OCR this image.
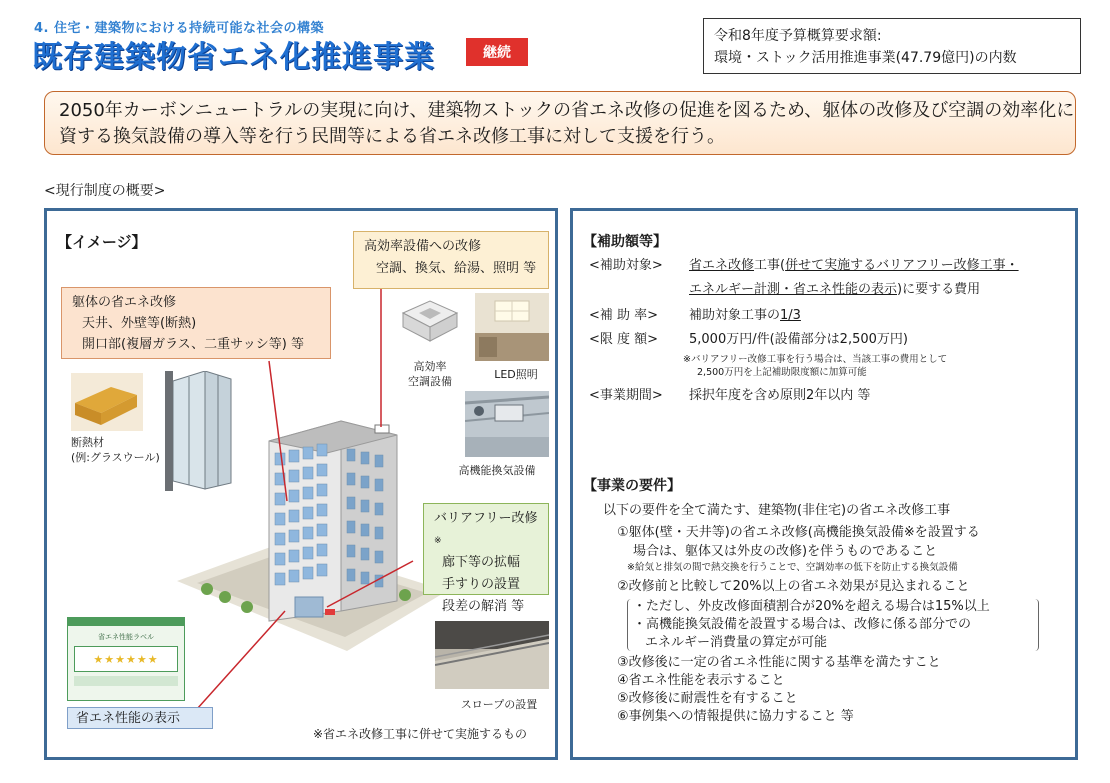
4. 住宅・建築物における持続可能な社会の構築
既存建築物省エネ化推進事業	継続
令和8年度予算概算要求額:
環境・ストック活用推進事業(47.79億円)の内数
2050年カーボンニュートラルの実現に向け、建築物ストックの省エネ改修の促進を図るため、躯体の改修及び空調の効率化に
資する換気設備の導入等を行う民間等による省エネ改修工事に対して支援を行う。
<現行制度の概要>
【イメージ】	高効率設備への改修
空調、換気、給湯、照明 等
躯体の省エネ改修
天井、外壁等(断熱)
開口部(複層ガラス、二重サッシ等) 等
高効率
空調設備
LED照明
高機能換気設備
断熱材
(例:グラスウール)
バリアフリー改修※
廊下等の拡幅
手すりの設置
段差の解消 等
スロープの設置
省エネ性能ラベル
★★★★★★
省エネ性能の表示
※省エネ改修工事に併せて実施するもの
【補助額等】
<補助対象> 省エネ改修工事(併せて実施するバリアフリー改修工事・
エネルギー計測・省エネ性能の表示)に要する費用
<補 助 率> 補助対象工事の1/3
<限 度 額> 5,000万円/件(設備部分は2,500万円)
※バリアフリー改修工事を行う場合は、当該工事の費用として
2,500万円を上記補助限度額に加算可能
<事業期間> 採択年度を含め原則2年以内 等
【事業の要件】
以下の要件を全て満たす、建築物(非住宅)の省エネ改修工事
①躯体(壁・天井等)の省エネ改修(高機能換気設備※を設置する
場合は、躯体又は外皮の改修)を伴うものであること
※給気と排気の間で熱交換を行うことで、空調効率の低下を防止する換気設備
②改修前と比較して20%以上の省エネ効果が見込まれること
・ただし、外皮改修面積割合が20%を超える場合は15%以上
・高機能換気設備を設置する場合は、改修に係る部分での
エネルギー消費量の算定が可能
③改修後に一定の省エネ性能に関する基準を満たすこと
④省エネ性能を表示すること
⑤改修後に耐震性を有すること
⑥事例集への情報提供に協力すること 等
